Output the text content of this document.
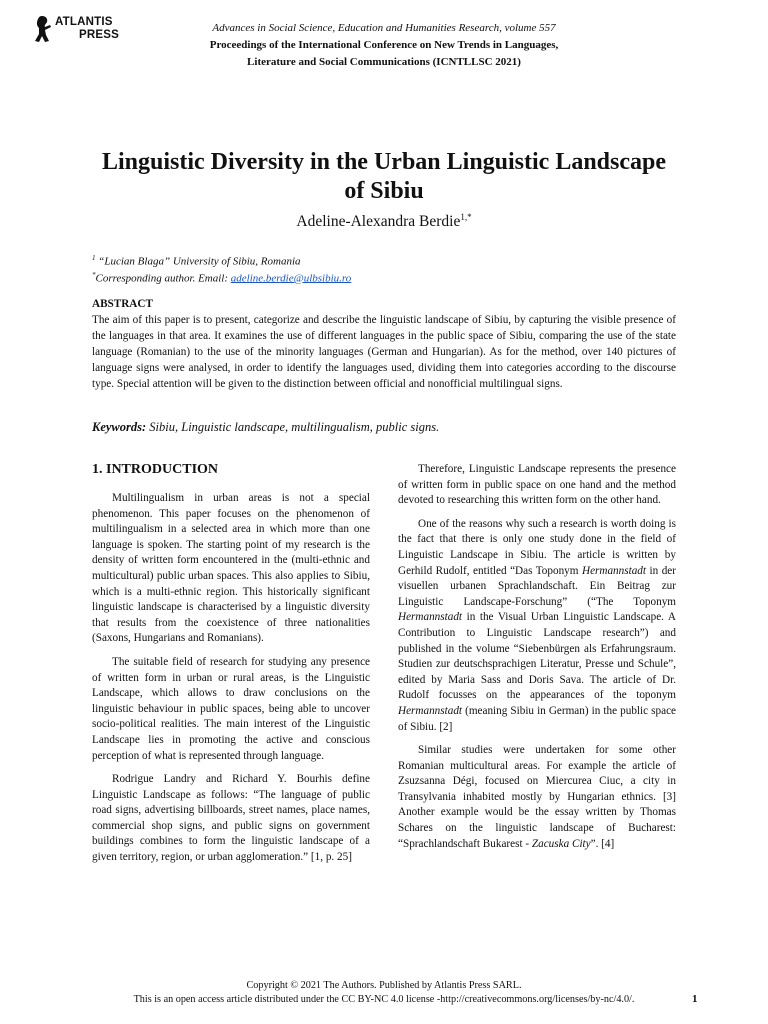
ATLANTIS
PRESS
Advances in Social Science, Education and Humanities Research, volume 557
Proceedings of the International Conference on New Trends in Languages,
Literature and Social Communications (ICNTLLSC 2021)
Linguistic Diversity in the Urban Linguistic Landscape of Sibiu
Adeline-Alexandra Berdie$^{1,*}$
$^1$ “Lucian Blaga” University of Sibiu, Romania
*Corresponding author. Email: adeline.berdie@ulbsibiu.ro
ABSTRACT
The aim of this paper is to present, categorize and describe the linguistic landscape of Sibiu, by capturing the visible presence of the languages in that area. It examines the use of different languages in the public space of Sibiu, comparing the use of the state language (Romanian) to the use of the minority languages (German and Hungarian). As for the method, over 140 pictures of language signs were analysed, in order to identify the languages used, dividing them into categories according to the discourse type. Special attention will be given to the distinction between official and nonofficial multilingual signs.
Keywords: Sibiu, Linguistic landscape, multilingualism, public signs.
1. INTRODUCTION

Multilingualism in urban areas is not a special phenomenon. This paper focuses on the phenomenon of multilingualism in a selected area in which more than one language is spoken. The starting point of my research is the density of written form encountered in the (multi-ethnic and multicultural) public urban spaces. This also applies to Sibiu, which is a multi-ethnic region. This historically significant linguistic landscape is characterised by a linguistic diversity that results from the coexistence of three nationalities (Saxons, Hungarians and Romanians).

The suitable field of research for studying any presence of written form in urban or rural areas, is the Linguistic Landscape, which allows to draw conclusions on the linguistic behaviour in public spaces, being able to uncover socio-political realities. The main interest of the Linguistic Landscape lies in promoting the active and conscious perception of what is represented through language.

Rodrigue Landry and Richard Y. Bourhis define Linguistic Landscape as follows: “The language of public road signs, advertising billboards, street names, place names, commercial shop signs, and public signs on government buildings combines to form the linguistic landscape of a given territory, region, or urban agglomeration.” [1, p. 25]

Therefore, Linguistic Landscape represents the presence of written form in public space on one hand and the method devoted to researching this written form on the other hand.

One of the reasons why such a research is worth doing is the fact that there is only one study done in the field of Linguistic Landscape in Sibiu. The article is written by Gerhild Rudolf, entitled “Das Toponym Hermannstadt in der visuellen urbanen Sprachlandschaft. Ein Beitrag zur Linguistic Landscape-Forschung” (“The Toponym Hermannstadt in the Visual Urban Linguistic Landscape. A Contribution to Linguistic Landscape research”) and published in the volume “Siebenbürgen als Erfahrungsraum. Studien zur deutschsprachigen Literatur, Presse und Schule”, edited by Maria Sass and Doris Sava. The article of Dr. Rudolf focusses on the appearances of the toponym Hermannstadt (meaning Sibiu in German) in the public space of Sibiu. [2]

Similar studies were undertaken for some other Romanian multicultural areas. For example the article of Zsuzsanna Dégi, focused on Miercurea Ciuc, a city in Transylvania inhabited mostly by Hungarian ethnics. [3] Another example would be the essay written by Thomas Schares on the linguistic landscape of Bucharest: “Sprachlandschaft Bukarest - Zacuska City”. [4]

Copyright © 2021 The Authors. Published by Atlantis Press SARL.
This is an open access article distributed under the CC BY-NC 4.0 license -http://creativecommons.org/licenses/by-nc/4.0/.	1
